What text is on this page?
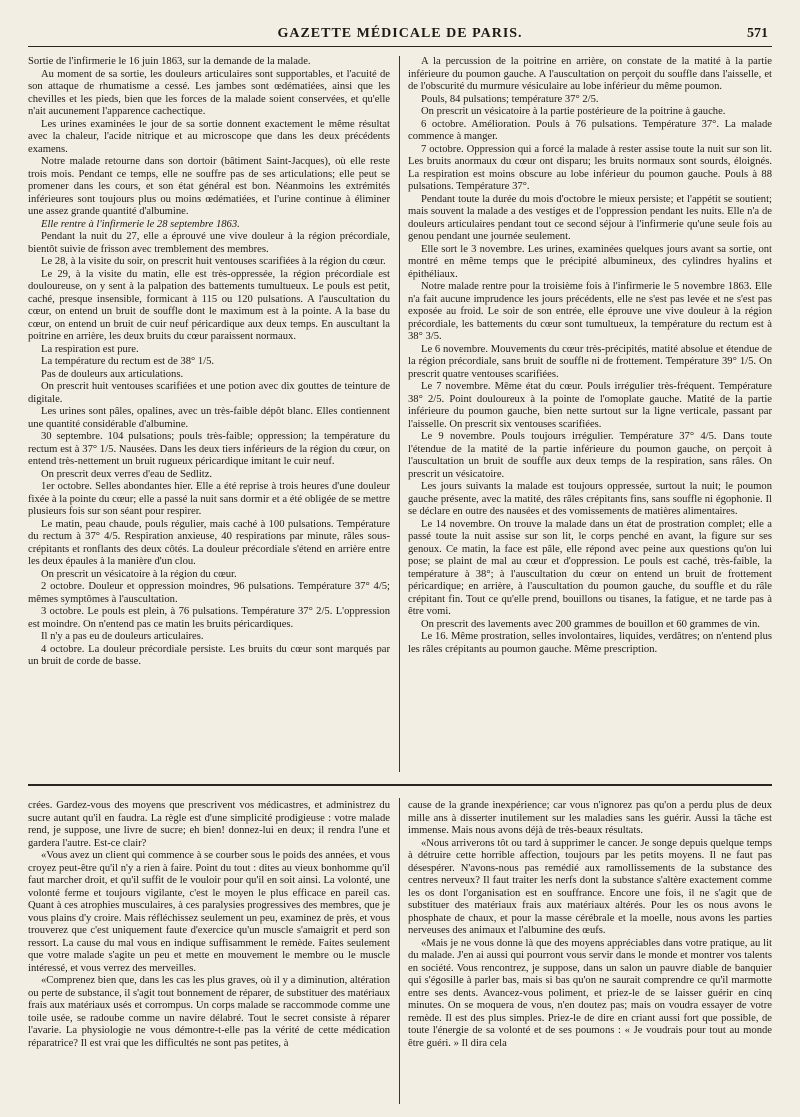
GAZETTE MÉDICALE DE PARIS.	571

Sortie de l'infirmerie le 16 juin 1863, sur la demande de la malade.

Au moment de sa sortie, les douleurs articulaires sont supportables, et l'acuité de son attaque de rhumatisme a cessé. Les jambes sont œdématiées, ainsi que les chevilles et les pieds, bien que les forces de la malade soient conservées, et qu'elle n'ait aucunement l'apparence cachectique.

Les urines examinées le jour de sa sortie donnent exactement le même résultat avec la chaleur, l'acide nitrique et au microscope que dans les deux précédents examens.

Notre malade retourne dans son dortoir (bâtiment Saint-Jacques), où elle reste trois mois. Pendant ce temps, elle ne souffre pas de ses articulations; elle peut se promener dans les cours, et son état général est bon. Néanmoins les extrémités inférieures sont toujours plus ou moins œdématiées, et l'urine continue à éliminer une assez grande quantité d'albumine.

Elle rentre à l'infirmerie le 28 septembre 1863.

Pendant la nuit du 27, elle a éprouvé une vive douleur à la région précordiale, bientôt suivie de frisson avec tremblement des membres.

Le 28, à la visite du soir, on prescrit huit ventouses scarifiées à la région du cœur.

Le 29, à la visite du matin, elle est très-oppressée, la région précordiale est douloureuse, on y sent à la palpation des battements tumultueux. Le pouls est petit, caché, presque insensible, formicant à 115 ou 120 pulsations. A l'auscultation du cœur, on entend un bruit de souffle dont le maximum est à la pointe. A la base du cœur, on entend un bruit de cuir neuf péricardique aux deux temps. En auscultant la poitrine en arrière, les deux bruits du cœur paraissent normaux.

La respiration est pure.

La température du rectum est de 38° 1/5.

Pas de douleurs aux articulations.

On prescrit huit ventouses scarifiées et une potion avec dix gouttes de teinture de digitale.

Les urines sont pâles, opalines, avec un très-faible dépôt blanc. Elles contiennent une quantité considérable d'albumine.

30 septembre. 104 pulsations; pouls très-faible; oppression; la température du rectum est à 37° 1/5. Nausées. Dans les deux tiers inférieurs de la région du cœur, on entend très-nettement un bruit rugueux péricardique imitant le cuir neuf.

On prescrit deux verres d'eau de Sedlitz.

1er octobre. Selles abondantes hier. Elle a été reprise à trois heures d'une douleur fixée à la pointe du cœur; elle a passé la nuit sans dormir et a été obligée de se mettre plusieurs fois sur son séant pour respirer.

Le matin, peau chaude, pouls régulier, mais caché à 100 pulsations. Température du rectum à 37° 4/5. Respiration anxieuse, 40 respirations par minute, râles sous-crépitants et ronflants des deux côtés. La douleur précordiale s'étend en arrière entre les deux épaules à la manière d'un clou.

On prescrit un vésicatoire à la région du cœur.

2 octobre. Douleur et oppression moindres, 96 pulsations. Température 37° 4/5; mêmes symptômes à l'auscultation.

3 octobre. Le pouls est plein, à 76 pulsations. Température 37° 2/5. L'oppression est moindre. On n'entend pas ce matin les bruits péricardiques.

Il n'y a pas eu de douleurs articulaires.

4 octobre. La douleur précordiale persiste. Les bruits du cœur sont marqués par un bruit de corde de basse.

A la percussion de la poitrine en arrière, on constate de la matité à la partie inférieure du poumon gauche. A l'auscultation on perçoit du souffle dans l'aisselle, et de l'obscurité du murmure vésiculaire au lobe inférieur du même poumon.

Pouls, 84 pulsations; température 37° 2/5.

On prescrit un vésicatoire à la partie postérieure de la poitrine à gauche.

6 octobre. Amélioration. Pouls à 76 pulsations. Température 37°. La malade commence à manger.

7 octobre. Oppression qui a forcé la malade à rester assise toute la nuit sur son lit. Les bruits anormaux du cœur ont disparu; les bruits normaux sont sourds, éloignés. La respiration est moins obscure au lobe inférieur du poumon gauche. Pouls à 88 pulsations. Température 37°.

Pendant toute la durée du mois d'octobre le mieux persiste; et l'appétit se soutient; mais souvent la malade a des vestiges et de l'oppression pendant les nuits. Elle n'a de douleurs articulaires pendant tout ce second séjour à l'infirmerie qu'une seule fois au genou pendant une journée seulement.

Elle sort le 3 novembre. Les urines, examinées quelques jours avant sa sortie, ont montré en même temps que le précipité albumineux, des cylindres hyalins et épithéliaux.

Notre malade rentre pour la troisième fois à l'infirmerie le 5 novembre 1863. Elle n'a fait aucune imprudence les jours précédents, elle ne s'est pas levée et ne s'est pas exposée au froid. Le soir de son entrée, elle éprouve une vive douleur à la région précordiale, les battements du cœur sont tumultueux, la température du rectum est à 38° 3/5.

Le 6 novembre. Mouvements du cœur très-précipités, matité absolue et étendue de la région précordiale, sans bruit de souffle ni de frottement. Température 39° 1/5. On prescrit quatre ventouses scarifiées.

Le 7 novembre. Même état du cœur. Pouls irrégulier très-fréquent. Température 38° 2/5. Point douloureux à la pointe de l'omoplate gauche. Matité de la partie inférieure du poumon gauche, bien nette surtout sur la ligne verticale, passant par l'aisselle. On prescrit six ventouses scarifiées.

Le 9 novembre. Pouls toujours irrégulier. Température 37° 4/5. Dans toute l'étendue de la matité de la partie inférieure du poumon gauche, on perçoit à l'auscultation un bruit de souffle aux deux temps de la respiration, sans râles. On prescrit un vésicatoire.

Les jours suivants la malade est toujours oppressée, surtout la nuit; le poumon gauche présente, avec la matité, des râles crépitants fins, sans souffle ni égophonie. Il se déclare en outre des nausées et des vomissements de matières alimentaires.

Le 14 novembre. On trouve la malade dans un état de prostration complet; elle a passé toute la nuit assise sur son lit, le corps penché en avant, la figure sur ses genoux. Ce matin, la face est pâle, elle répond avec peine aux questions qu'on lui pose; se plaint de mal au cœur et d'oppression. Le pouls est caché, très-faible, la température à 38°; à l'auscultation du cœur on entend un bruit de frottement péricardique; en arrière, à l'auscultation du poumon gauche, du souffle et du râle crépitant fin. Tout ce qu'elle prend, bouillons ou tisanes, la fatigue, et ne tarde pas à être vomi.

On prescrit des lavements avec 200 grammes de bouillon et 60 grammes de vin.

Le 16. Même prostration, selles involontaires, liquides, verdâtres; on n'entend plus les râles crépitants au poumon gauche. Même prescription.

crées. Gardez-vous des moyens que prescrivent vos médicastres, et administrez du sucre autant qu'il en faudra. La règle est d'une simplicité prodigieuse : votre malade rend, je suppose, une livre de sucre; eh bien! donnez-lui en deux; il rendra l'une et gardera l'autre. Est-ce clair?

«Vous avez un client qui commence à se courber sous le poids des années, et vous croyez peut-être qu'il n'y a rien à faire. Point du tout : dites au vieux bonhomme qu'il faut marcher droit, et qu'il suffit de le vouloir pour qu'il en soit ainsi. La volonté, une volonté ferme et toujours vigilante, c'est le moyen le plus efficace en pareil cas. Quant à ces atrophies musculaires, à ces paralysies progressives des membres, que je vous plains d'y croire. Mais réfléchissez seulement un peu, examinez de près, et vous trouverez que c'est uniquement faute d'exercice qu'un muscle s'amaigrit et perd son ressort. La cause du mal vous en indique suffisamment le remède. Faites seulement que votre malade s'agite un peu et mette en mouvement le membre ou le muscle intéressé, et vous verrez des merveilles.

«Comprenez bien que, dans les cas les plus graves, où il y a diminution, altération ou perte de substance, il s'agit tout bonnement de réparer, de substituer des matériaux frais aux matériaux usés et corrompus. Un corps malade se raccommode comme une toile usée, se radoube comme un navire délabré. Tout le secret consiste à réparer l'avarie. La physiologie ne vous démontre-t-elle pas la vérité de cette médication réparatrice? Il est vrai que les difficultés ne sont pas petites, à

cause de la grande inexpérience; car vous n'ignorez pas qu'on a perdu plus de deux mille ans à disserter inutilement sur les maladies sans les guérir. Aussi la tâche est immense. Mais nous avons déjà de très-beaux résultats.

«Nous arriverons tôt ou tard à supprimer le cancer. Je songe depuis quelque temps à détruire cette horrible affection, toujours par les petits moyens. Il ne faut pas désespérer. N'avons-nous pas remédié aux ramollissements de la substance des centres nerveux? Il faut traiter les nerfs dont la substance s'altère exactement comme les os dont l'organisation est en souffrance. Encore une fois, il ne s'agit que de substituer des matériaux frais aux matériaux altérés. Pour les os nous avons le phosphate de chaux, et pour la masse cérébrale et la moelle, nous avons les parties nerveuses des animaux et l'albumine des œufs.

«Mais je ne vous donne là que des moyens appréciables dans votre pratique, au lit du malade. J'en ai aussi qui pourront vous servir dans le monde et montrer vos talents en société. Vous rencontrez, je suppose, dans un salon un pauvre diable de banquier qui s'égosille à parler bas, mais si bas qu'on ne saurait comprendre ce qu'il marmotte entre ses dents. Avancez-vous poliment, et priez-le de se laisser guérir en cinq minutes. On se moquera de vous, n'en doutez pas; mais on voudra essayer de votre remède. Il est des plus simples. Priez-le de dire en criant aussi fort que possible, de toute l'énergie de sa volonté et de ses poumons : « Je voudrais pour tout au monde être guéri. » Il dira cela
